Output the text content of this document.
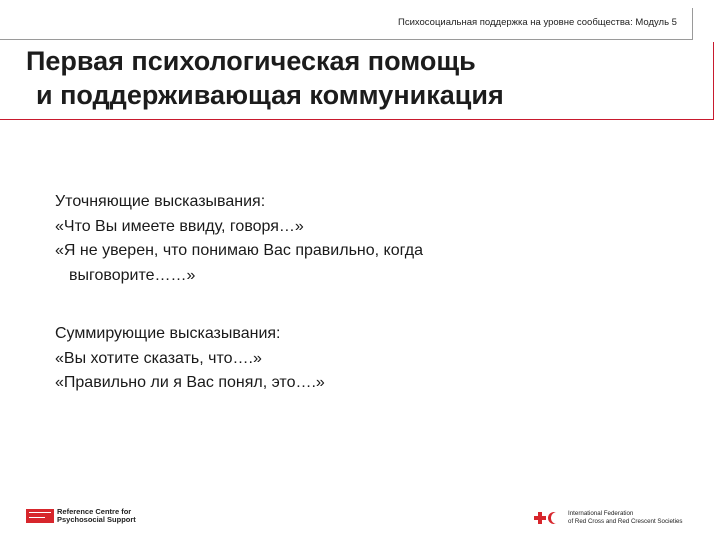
Психосоциальная поддержка на уровне сообщества: Модуль 5
Первая психологическая помощь
и поддерживающая коммуникация

Уточняющие высказывания:

«Что Вы имеете ввиду, говоря…»

«Я не уверен, что понимаю Вас правильно, когда

выговорите……»

Суммирующие высказывания:

«Вы хотите сказать, что….»

«Правильно ли я Вас понял, это….»

Reference Centre for
Psychosocial Support
International Federation
of Red Cross and Red Crescent Societies
